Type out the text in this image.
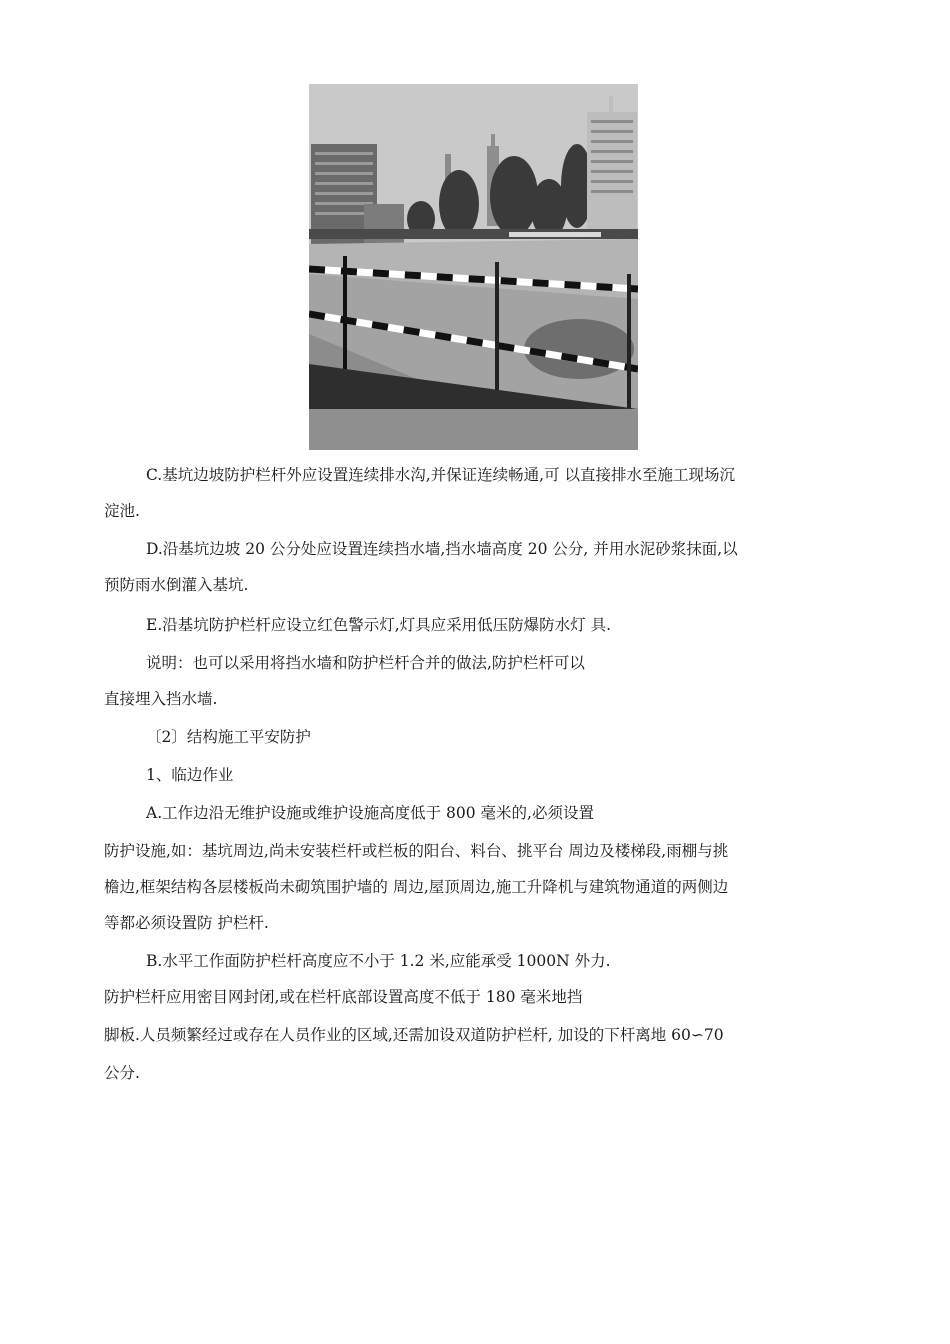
C.基坑边坡防护栏杆外应设置连续排水沟,并保证连续畅通,可 以直接排水至施工现场沉
淀池.
D.沿基坑边坡 20 公分处应设置连续挡水墙,挡水墙高度 20 公分, 并用水泥砂浆抹面,以
预防雨水倒灌入基坑.
E.沿基坑防护栏杆应设立红色警示灯,灯具应采用低压防爆防水灯 具.
说明：也可以采用将挡水墙和防护栏杆合并的做法,防护栏杆可以
直接埋入挡水墙.
〔2〕结构施工平安防护
1、临边作业
A.工作边沿无维护设施或维护设施高度低于 800 毫米的,必须设置
防护设施,如：基坑周边,尚未安装栏杆或栏板的阳台、料台、挑平台 周边及楼梯段,雨棚与挑
檐边,框架结构各层楼板尚未砌筑围护墙的 周边,屋顶周边,施工升降机与建筑物通道的两侧边
等都必须设置防 护栏杆.
B.水平工作面防护栏杆高度应不小于 1.2 米,应能承受 1000N 外力.
防护栏杆应用密目网封闭,或在栏杆底部设置高度不低于 180 毫米地挡
脚板.人员频繁经过或存在人员作业的区域,还需加设双道防护栏杆, 加设的下杆离地 60∽70
公分.
